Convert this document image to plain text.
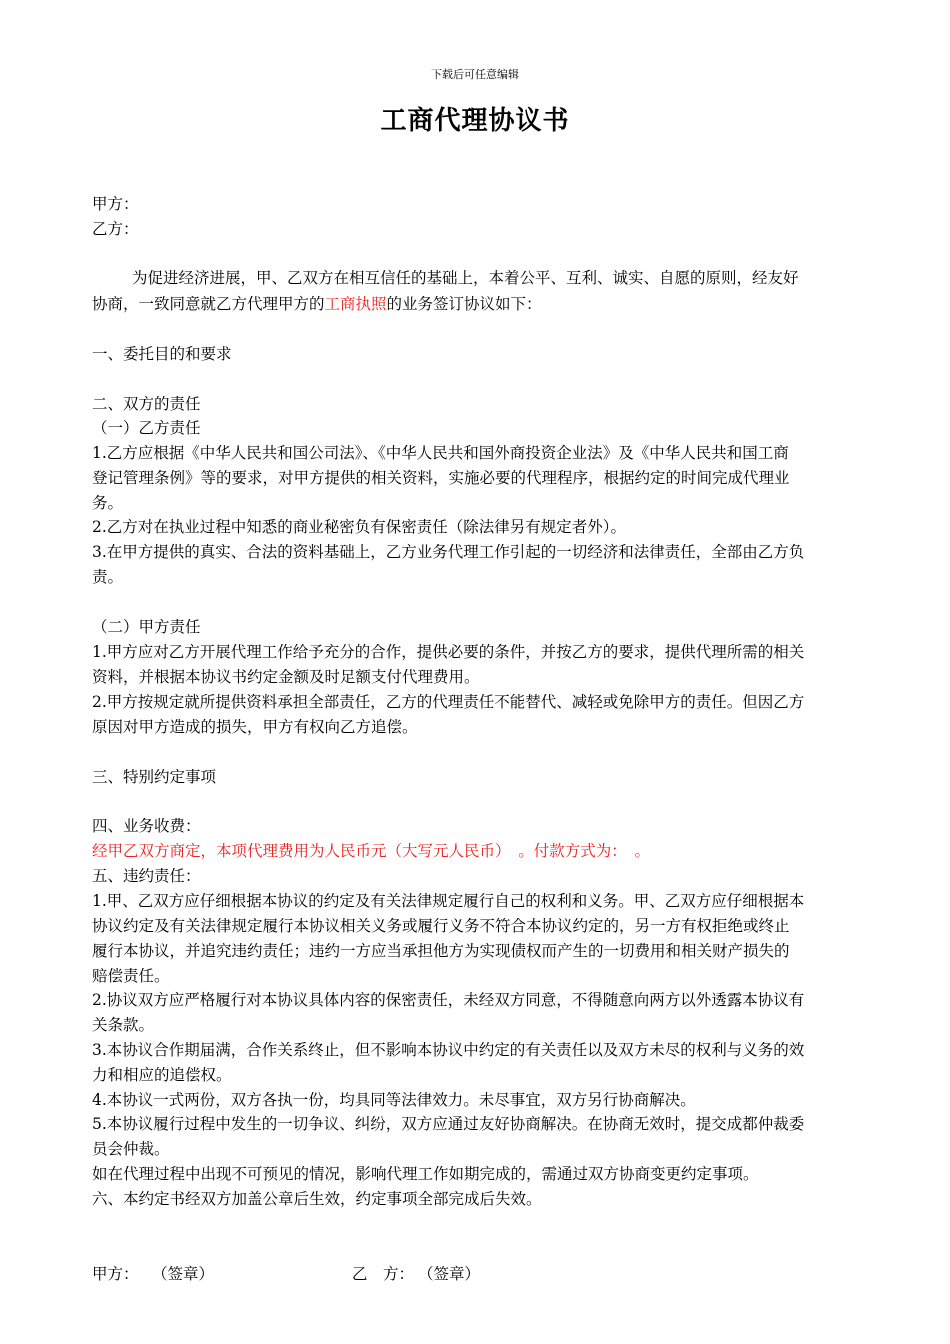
下载后可任意编辑
工商代理协议书
甲方：
乙方：
为促进经济进展，甲、乙双方在相互信任的基础上，本着公平、互利、诚实、自愿的原则，经友好
协商，一致同意就乙方代理甲方的工商执照的业务签订协议如下：
一、委托目的和要求
二、双方的责任
（一）乙方责任
1.乙方应根据《中华人民共和国公司法》、《中华人民共和国外商投资企业法》及《中华人民共和国工商
登记管理条例》等的要求，对甲方提供的相关资料，实施必要的代理程序，根据约定的时间完成代理业
务。
2.乙方对在执业过程中知悉的商业秘密负有保密责任（除法律另有规定者外）。
3.在甲方提供的真实、合法的资料基础上，乙方业务代理工作引起的一切经济和法律责任，全部由乙方负
责。
（二）甲方责任
1.甲方应对乙方开展代理工作给予充分的合作，提供必要的条件，并按乙方的要求，提供代理所需的相关
资料，并根据本协议书约定金额及时足额支付代理费用。
2.甲方按规定就所提供资料承担全部责任，乙方的代理责任不能替代、减轻或免除甲方的责任。但因乙方
原因对甲方造成的损失，甲方有权向乙方追偿。
三、特别约定事项
四、业务收费：
经甲乙双方商定，本项代理费用为人民币元（大写元人民币）　。付款方式为：　。
五、违约责任：
1.甲、乙双方应仔细根据本协议的约定及有关法律规定履行自己的权利和义务。甲、乙双方应仔细根据本
协议约定及有关法律规定履行本协议相关义务或履行义务不符合本协议约定的，另一方有权拒绝或终止
履行本协议，并追究违约责任；违约一方应当承担他方为实现债权而产生的一切费用和相关财产损失的
赔偿责任。
2.协议双方应严格履行对本协议具体内容的保密责任，未经双方同意，不得随意向两方以外透露本协议有
关条款。
3.本协议合作期届满，合作关系终止，但不影响本协议中约定的有关责任以及双方未尽的权利与义务的效
力和相应的追偿权。
4.本协议一式两份，双方各执一份，均具同等法律效力。未尽事宜，双方另行协商解决。
5.本协议履行过程中发生的一切争议、纠纷，双方应通过友好协商解决。在协商无效时，提交成都仲裁委
员会仲裁。
如在代理过程中出现不可预见的情况，影响代理工作如期完成的，需通过双方协商变更约定事项。
六、本约定书经双方加盖公章后生效，约定事项全部完成后失效。
甲方： （签章）	乙　方： （签章）
